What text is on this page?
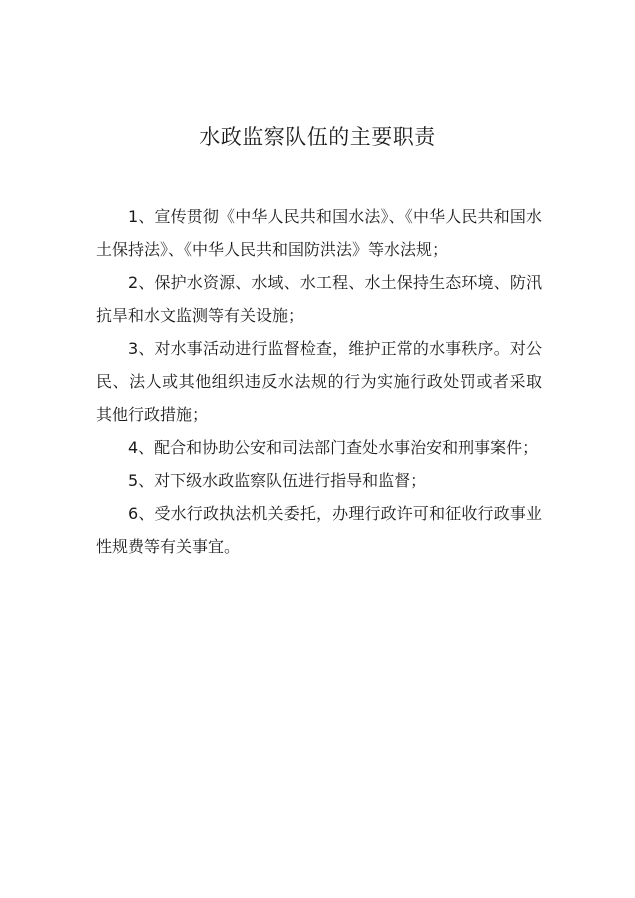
水政监察队伍的主要职责
1、宣传贯彻《中华人民共和国水法》、《中华人民共和国水土保持法》、《中华人民共和国防洪法》等水法规；
2、保护水资源、水域、水工程、水土保持生态环境、防汛抗旱和水文监测等有关设施；
3、对水事活动进行监督检查，维护正常的水事秩序。对公民、法人或其他组织违反水法规的行为实施行政处罚或者采取其他行政措施；
4、配合和协助公安和司法部门查处水事治安和刑事案件；
5、对下级水政监察队伍进行指导和监督；
6、受水行政执法机关委托，办理行政许可和征收行政事业性规费等有关事宜。
